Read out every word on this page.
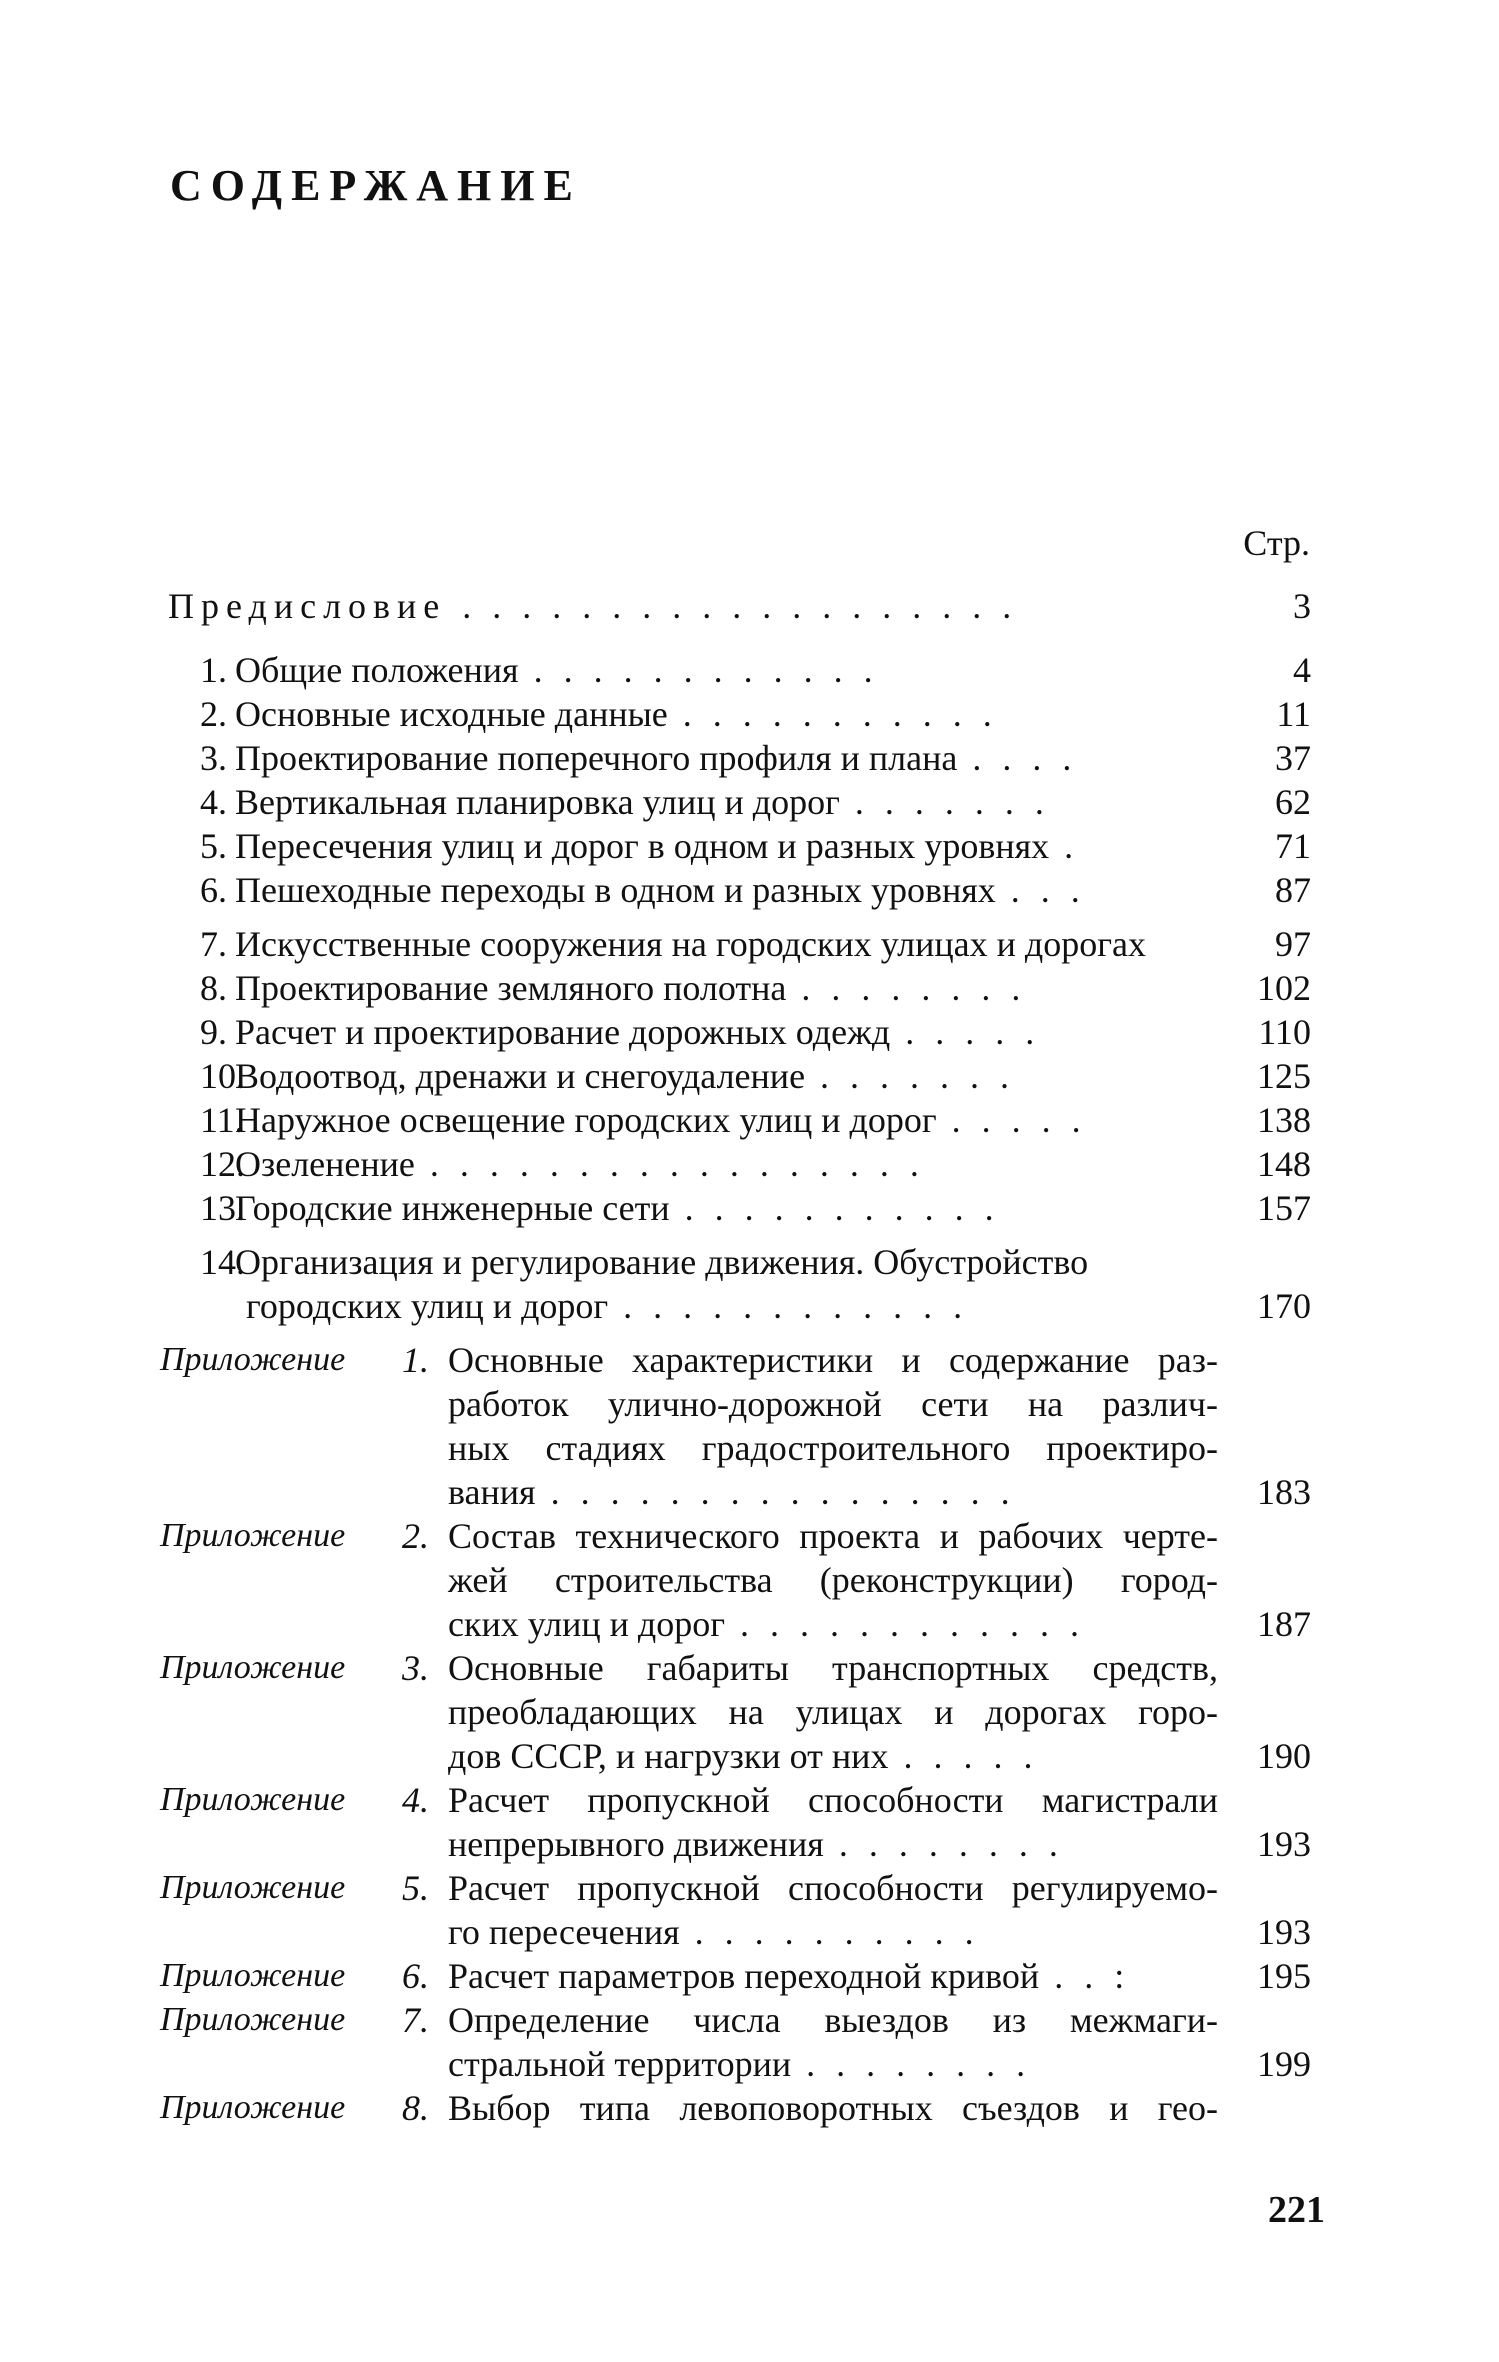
СОДЕРЖАНИЕ
Стр.
Предисловие . . . . . . . . . . . . . . . . . . .	3
1. Общие положения . . . . . . . . . . . .	4
2. Основные исходные данные . . . . . . . . . . .	11
3. Проектирование поперечного профиля и плана . . . .	37
4. Вертикальная планировка улиц и дорог . . . . . . .	62
5. Пересечения улиц и дорог в одном и разных уровнях .	71
6. Пешеходные переходы в одном и разных уровнях . . .	87
7. Искусственные сооружения на городских улицах и дорогах	97
8. Проектирование земляного полотна . . . . . . . .	102
9. Расчет и проектирование дорожных одежд . . . . .	110
10. Водоотвод, дренажи и снегоудаление . . . . . . .	125
11. Наружное освещение городских улиц и дорог . . . . .	138
12. Озеленение . . . . . . . . . . . . . . . . .	148
13. Городские инженерные сети . . . . . . . . . . .	157
14. Организация и регулирование движения. Обустройство
городских улиц и дорог . . . . . . . . . . . .	170
Приложение 1. Основные характеристики и содержание раз-
работок улично-дорожной сети на различ-
ных стадиях градостроительного проектиро-
вания . . . . . . . . . . . . . . . .	183
Приложение 2. Состав технического проекта и рабочих черте-
жей строительства (реконструкции) город-
ских улиц и дорог . . . . . . . . . . . .	187
Приложение 3. Основные габариты транспортных средств,
преобладающих на улицах и дорогах горо-
дов СССР, и нагрузки от них . . . . .	190
Приложение 4. Расчет пропускной способности магистрали
непрерывного движения . . . . . . . .	193
Приложение 5. Расчет пропускной способности регулируемо-
го пересечения . . . . . . . . . .	193
Приложение 6. Расчет параметров переходной кривой . . :	195
Приложение 7. Определение числа выездов из межмаги-
стральной территории . . . . . . . .	199
Приложение 8. Выбор типа левоповоротных съездов и гео-
221
